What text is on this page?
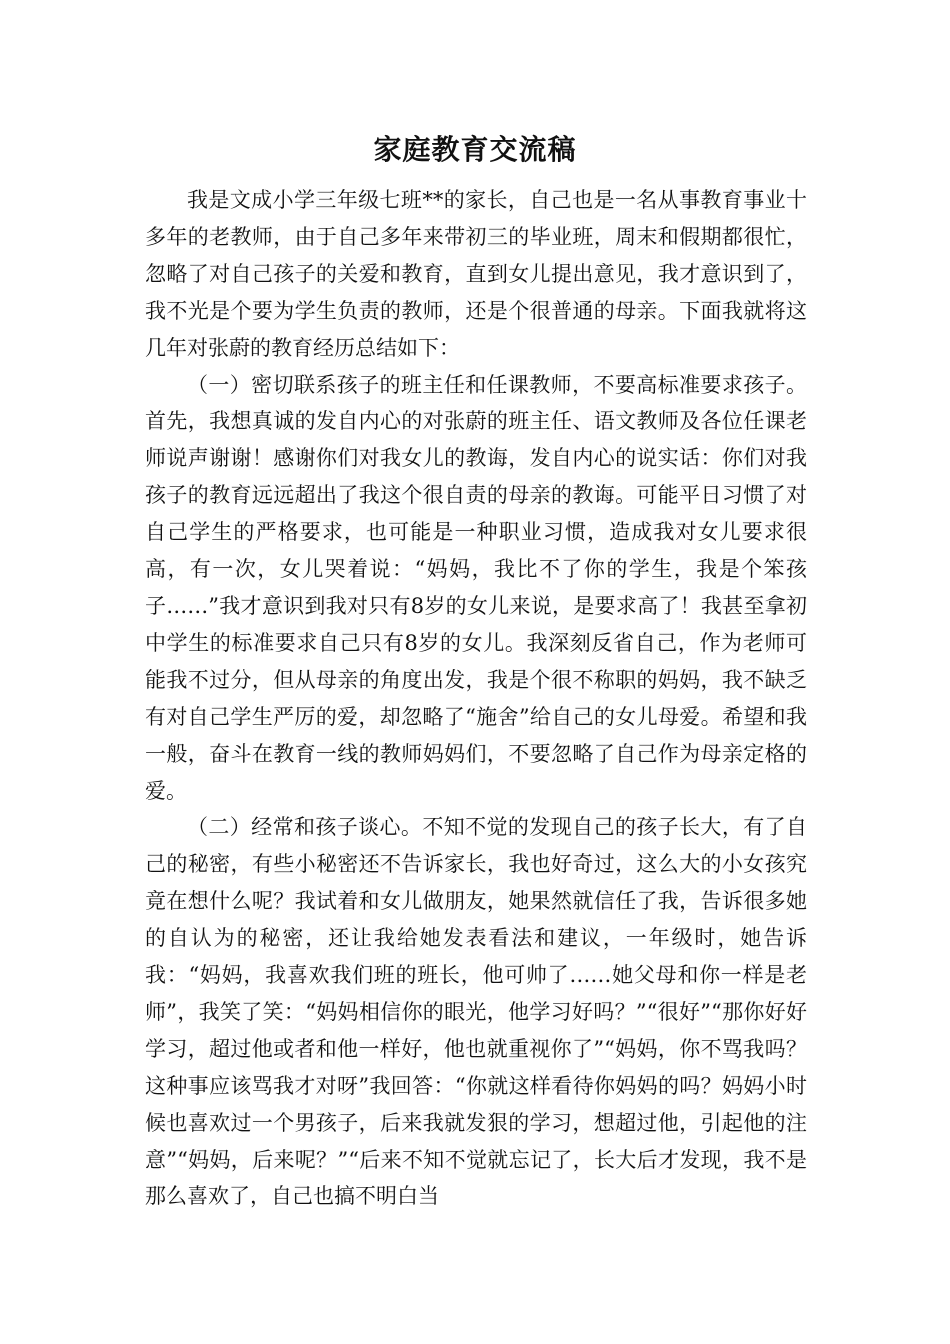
家庭教育交流稿

我是文成小学三年级七班**的家长，自己也是一名从事教育事业十多年的老教师，由于自己多年来带初三的毕业班，周末和假期都很忙，忽略了对自己孩子的关爱和教育，直到女儿提出意见，我才意识到了，我不光是个要为学生负责的教师，还是个很普通的母亲。下面我就将这几年对张蔚的教育经历总结如下：

（一）密切联系孩子的班主任和任课教师，不要高标准要求孩子。首先，我想真诚的发自内心的对张蔚的班主任、语文教师及各位任课老师说声谢谢！感谢你们对我女儿的教诲，发自内心的说实话：你们对我孩子的教育远远超出了我这个很自责的母亲的教诲。可能平日习惯了对自己学生的严格要求，也可能是一种职业习惯，造成我对女儿要求很高，有一次，女儿哭着说：“妈妈，我比不了你的学生，我是个笨孩子……”我才意识到我对只有8岁的女儿来说，是要求高了！我甚至拿初中学生的标准要求自己只有8岁的女儿。我深刻反省自己，作为老师可能我不过分，但从母亲的角度出发，我是个很不称职的妈妈，我不缺乏有对自己学生严厉的爱，却忽略了“施舍”给自己的女儿母爱。希望和我一般，奋斗在教育一线的教师妈妈们，不要忽略了自己作为母亲定格的爱。

（二）经常和孩子谈心。不知不觉的发现自己的孩子长大，有了自己的秘密，有些小秘密还不告诉家长，我也好奇过，这么大的小女孩究竟在想什么呢？我试着和女儿做朋友，她果然就信任了我，告诉很多她的自认为的秘密，还让我给她发表看法和建议，一年级时，她告诉我：“妈妈，我喜欢我们班的班长，他可帅了……她父母和你一样是老师”，我笑了笑：“妈妈相信你的眼光，他学习好吗？”“很好”“那你好好学习，超过他或者和他一样好，他也就重视你了”“妈妈，你不骂我吗？这种事应该骂我才对呀”我回答：“你就这样看待你妈妈的吗？妈妈小时候也喜欢过一个男孩子，后来我就发狠的学习，想超过他，引起他的注意”“妈妈，后来呢？”“后来不知不觉就忘记了，长大后才发现，我不是那么喜欢了，自己也搞不明白当
